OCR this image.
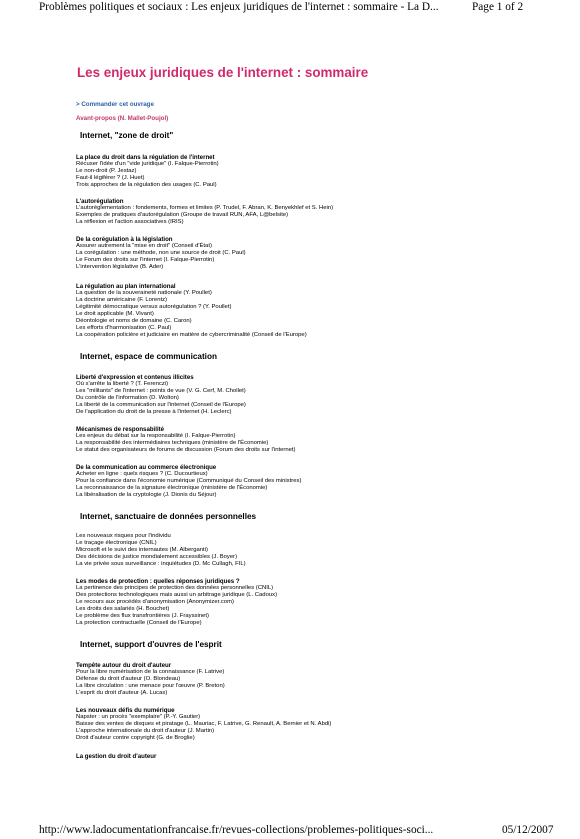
Problèmes politiques et sociaux : Les enjeux juridiques de l'internet : sommaire - La D...	Page 1 of 2
Les enjeux juridiques de l'internet : sommaire
> Commander cet ouvrage
Avant-propos (N. Mallet-Poujol)
Internet, "zone de droit"
Internet, espace de communication
Internet, sanctuaire de données personnelles
Internet, support d'ouvres de l'esprit
La place du droit dans la régulation de l'internet
Récuser l'idée d'un "vide juridique" (I. Falque-Pierrotin)
Le non-droit (P. Jestaz)
Faut-il légiférer ? (J. Huet)
Trois approches de la régulation des usages (C. Paul)
L'autorégulation
L'autoréglementation : fondements, formes et limites (P. Trudel, F. Abran, K. Benyekhlef et S. Hein)
Exemples de pratiques d'autorégulation (Groupe de travail RUN, AFA, L@belsite)
La réflexion et l'action associatives (IRIS)
De la corégulation à la législation
Assurer autrement la "mise en droit" (Conseil d'État)
La corégulation : une méthode, non une source de droit (C. Paul)
Le Forum des droits sur l'internet (I. Falque-Pierrotin)
L'intervention législative (B. Ader)
La régulation au plan international
La question de la souveraineté nationale (Y. Poullet)
La doctrine américaine (F. Lorentz)
Légitimité démocratique versus autorégulation ? (Y. Poullet)
Le droit applicable (M. Vivant)
Déontologie et noms de domaine (C. Caron)
Les efforts d'harmonisation (C. Paul)
La coopération policière et judiciaire en matière de cybercriminalité (Conseil de l'Europe)
Liberté d'expression et contenus illicites
Où s'arrête la liberté ? (T. Ferenczi)
Les "militants" de l'internet : points de vue (V. G. Cerf, M. Chollet)
Du contrôle de l'information (D. Wolton)
La liberté de la communication sur l'internet (Conseil de l'Europe)
De l'application du droit de la presse à l'internet (H. Leclerc)
Mécanismes de responsabilité
Les enjeux du débat sur la responsabilité (I. Falque-Pierrotin)
La responsabilité des intermédiaires techniques (ministère de l'Économie)
Le statut des organisateurs de forums de discussion (Forum des droits sur l'internet)
De la communication au commerce électronique
Acheter en ligne : quels risques ? (C. Ducourtieux)
Pour la confiance dans l'économie numérique (Communiqué du Conseil des ministres)
La reconnaissance de la signature électronique (ministère de l'Économie)
La libéralisation de la cryptologie (J. Dionis du Séjour)
Les nouveaux risques pour l'individu
Le traçage électronique (CNIL)
Microsoft et le suivi des internautes (M. Alberganti)
Des décisions de justice mondialement accessibles (J. Boyer)
La vie privée sous surveillance : inquiétudes (D. Mc Cullagh, FIL)
Les modes de protection : quelles réponses juridiques ?
La pertinence des principes de protection des données personnelles (CNIL)
Des protections technologiques mais aussi un arbitrage juridique (L. Cadoux)
Le recours aux procédés d'anonymisation (Anonymizer.com)
Les droits des salariés (H. Bouchet)
Le problème des flux transfrontières (J. Frayssinet)
La protection contractuelle (Conseil de l'Europe)
Tempête autour du droit d'auteur
Pour la libre numérisation de la connaissance (F. Latrive)
Défense du droit d'auteur (O. Blondeau)
La libre circulation : une menace pour l'œuvre (P. Breton)
L'esprit du droit d'auteur (A. Lucas)
Les nouveaux défis du numérique
Napster : un procès "exemplaire" (P.-Y. Gautier)
Baisse des ventes de disques et piratage (L. Mauriac, F. Latrive, G. Renault, A. Bernier et N. Abdi)
L'approche internationale du droit d'auteur (J. Martin)
Droit d'auteur contre copyright (G. de Broglie)
La gestion du droit d'auteur
http://www.ladocumentationfrancaise.fr/revues-collections/problemes-politiques-soci...	05/12/2007
